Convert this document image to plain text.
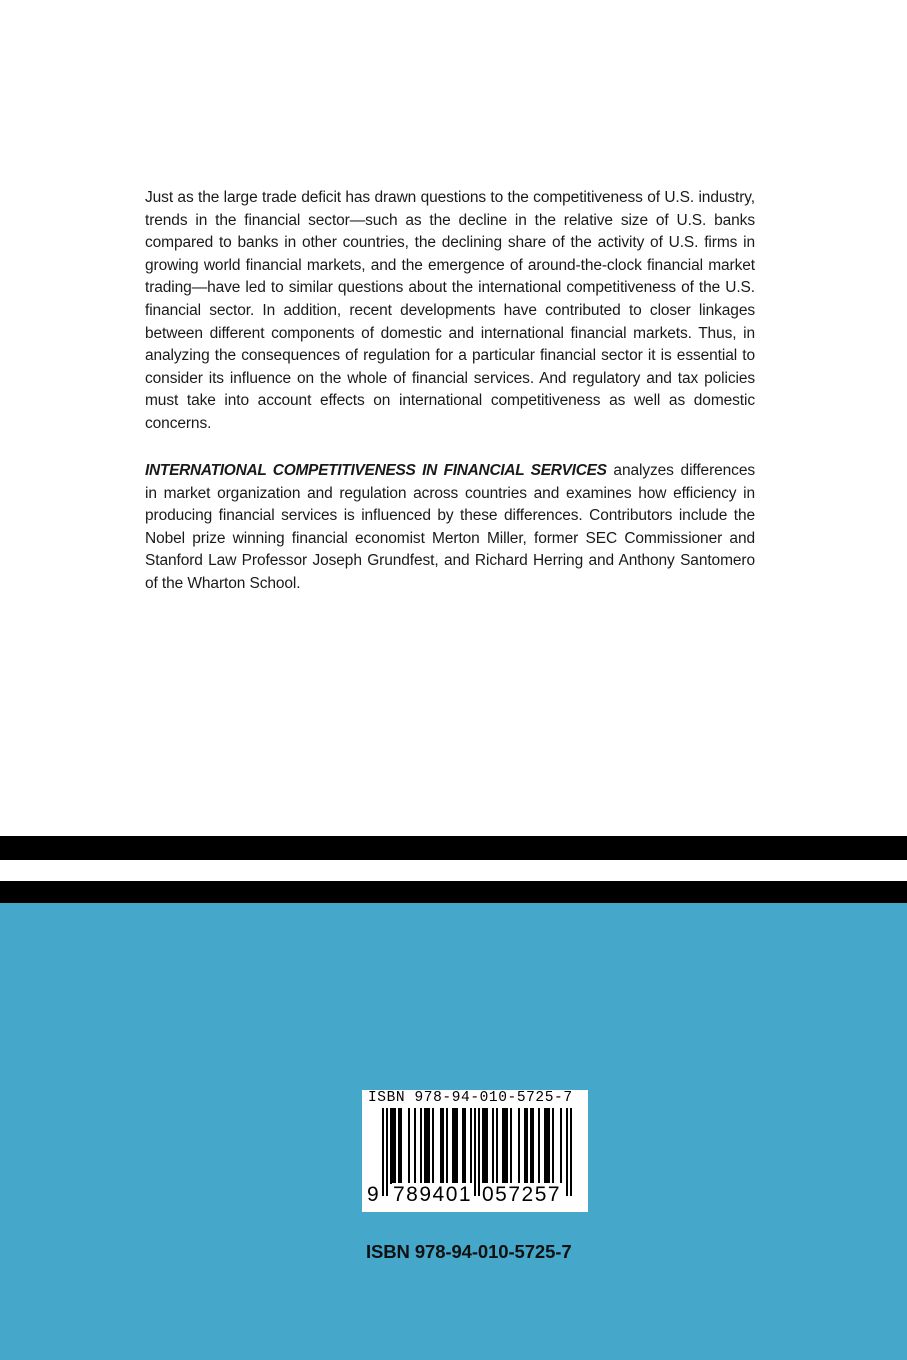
Just as the large trade deficit has drawn questions to the competitiveness of U.S. industry, trends in the financial sector—such as the decline in the relative size of U.S. banks compared to banks in other countries, the declining share of the activity of U.S. firms in growing world financial markets, and the emergence of around-the-clock financial market trading—have led to similar questions about the international competitiveness of the U.S. financial sector. In addition, recent developments have contributed to closer linkages between different components of domestic and international financial markets. Thus, in analyzing the consequences of regulation for a particular financial sector it is essential to consider its influence on the whole of financial services. And regulatory and tax policies must take into account effects on international competitiveness as well as domestic concerns.
INTERNATIONAL COMPETITIVENESS IN FINANCIAL SERVICES analyzes differences in market organization and regulation across countries and examines how efficiency in producing financial services is influenced by these differences. Contributors include the Nobel prize winning financial economist Merton Miller, former SEC Commissioner and Stanford Law Professor Joseph Grundfest, and Richard Herring and Anthony Santomero of the Wharton School.
ISBN 978-94-010-5725-7
9 789401 057257
ISBN 978-94-010-5725-7
